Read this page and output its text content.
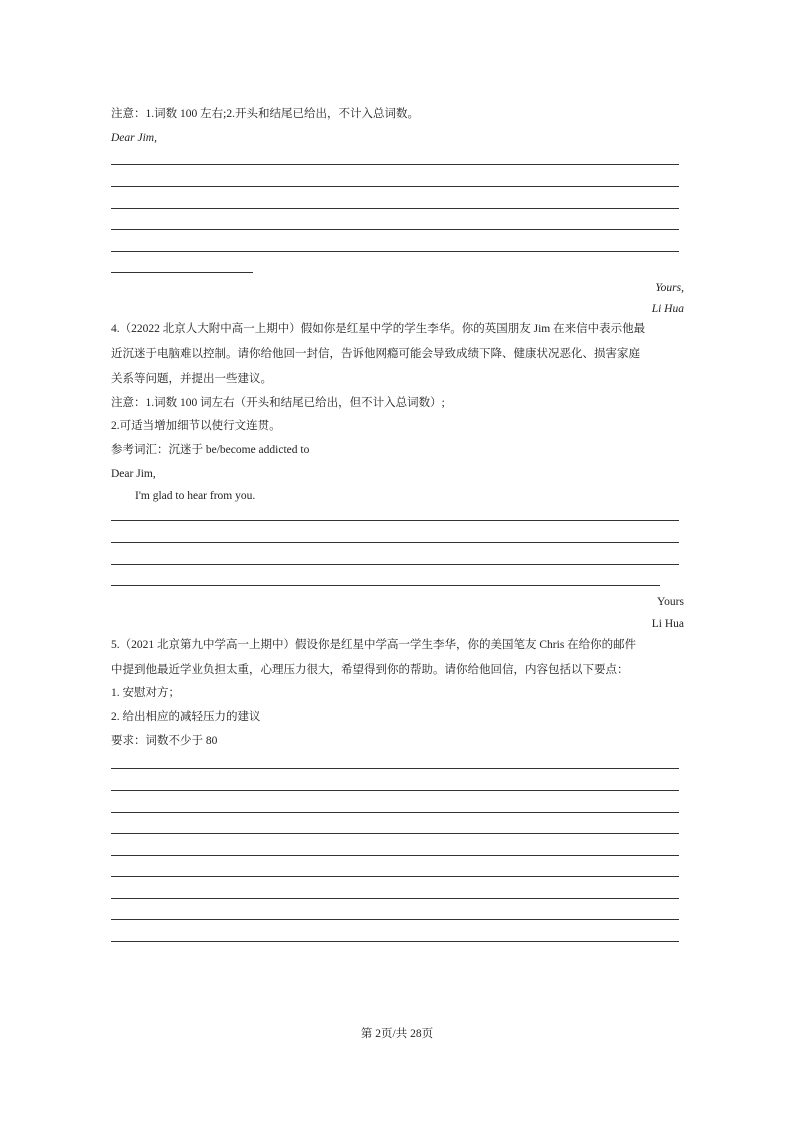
注意：1.词数 100 左右;2.开头和结尾已给出，不计入总词数。
Dear Jim,
Yours,
Li Hua
4.（22022 北京人大附中高一上期中）假如你是红星中学的学生李华。你的英国朋友 Jim 在来信中表示他最
近沉迷于电脑难以控制。请你给他回一封信，告诉他网瘾可能会导致成绩下降、健康状况恶化、损害家庭
关系等问题，并提出一些建议。
注意：1.词数 100 词左右（开头和结尾已给出，但不计入总词数）;
2.可适当增加细节以使行文连贯。
参考词汇：沉迷于 be/become addicted to
Dear Jim,
I'm glad to hear from you.
Yours
Li Hua
5.（2021 北京第九中学高一上期中）假设你是红星中学高一学生李华，你的美国笔友 Chris 在给你的邮件
中提到他最近学业负担太重，心理压力很大，希望得到你的帮助。请你给他回信，内容包括以下要点：
1. 安慰对方；
2. 给出相应的减轻压力的建议
要求：词数不少于 80
第 2页/共 28页
